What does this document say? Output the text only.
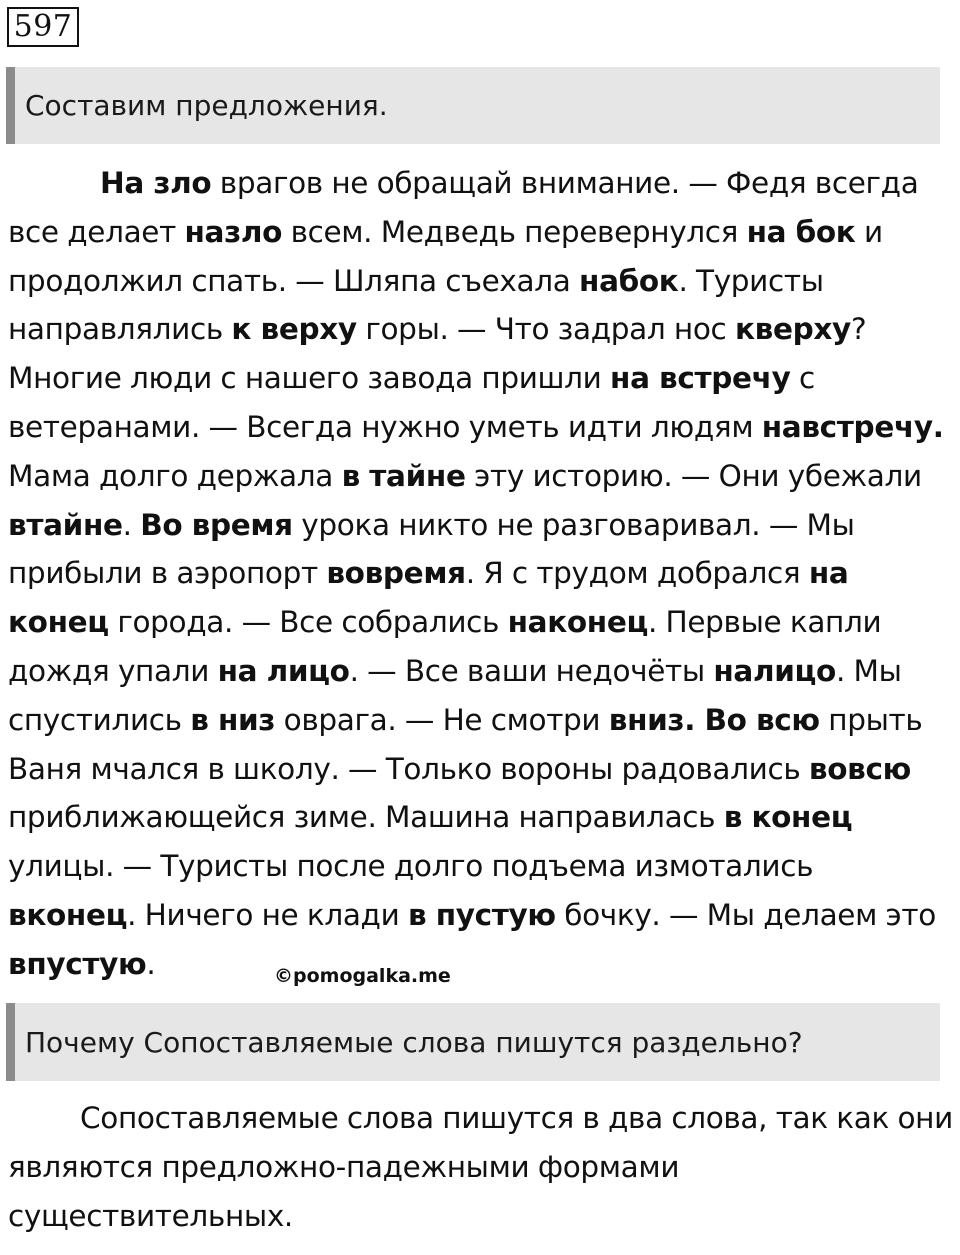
597
Составим предложения.
На зло врагов не обращай внимание. — Федя всегда
все делает назло всем. Медведь перевернулся на бок и
продолжил спать. — Шляпа съехала набок. Туристы
направлялись к верху горы. — Что задрал нос кверху?
Многие люди с нашего завода пришли на встречу с
ветеранами. — Всегда нужно уметь идти людям навстречу.
Мама долго держала в тайне эту историю. — Они убежали
втайне. Во время урока никто не разговаривал. — Мы
прибыли в аэропорт вовремя. Я с трудом добрался на
конец города. — Все собрались наконец. Первые капли
дождя упали на лицо. — Все ваши недочёты налицо. Мы
спустились в низ оврага. — Не смотри вниз. Во всю прыть
Ваня мчался в школу. — Только вороны радовались вовсю
приближающейся зиме. Машина направилась в конец
улицы. — Туристы после долго подъема измотались
вконец. Ничего не клади в пустую бочку. — Мы делаем это
впустую.	©pomogalka.me
Почему Сопоставляемые слова пишутся раздельно?
Сопоставляемые слова пишутся в два слова, так как они
являются предложно-падежными формами
существительных.
